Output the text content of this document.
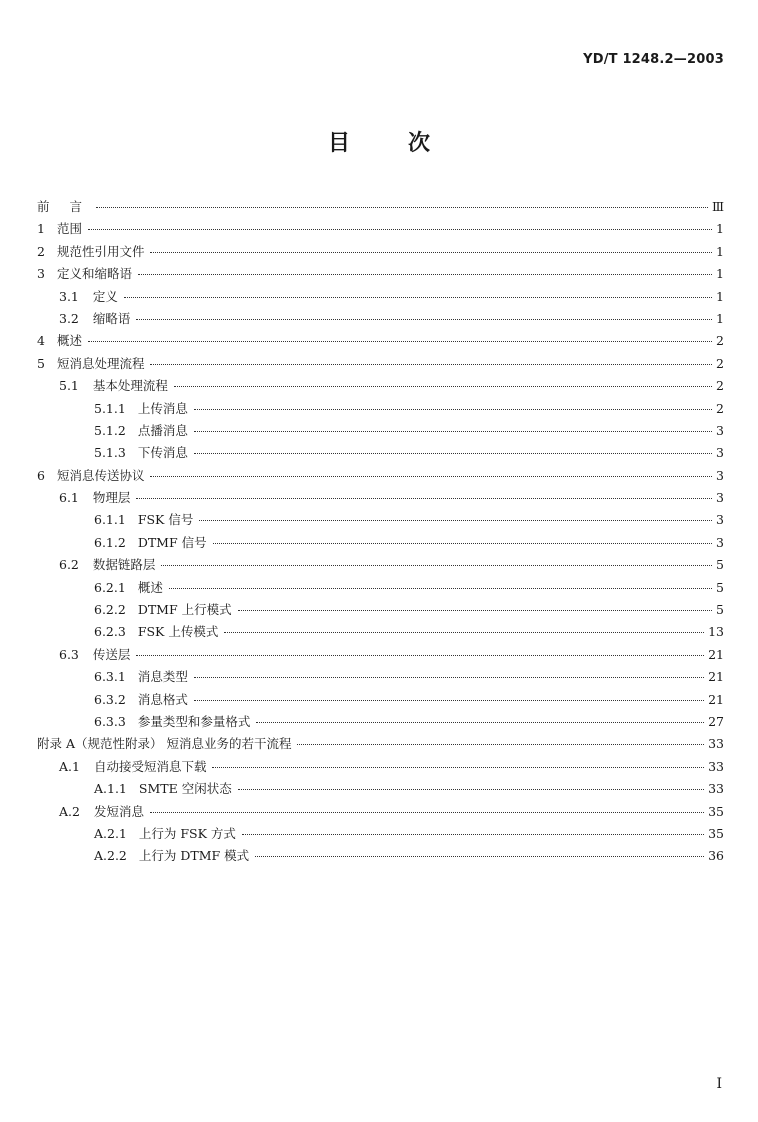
YD/T 1248.2—2003
目	次
前 言	Ⅲ
1 范围	1
2 规范性引用文件	1
3 定义和缩略语	1
3.1 定义	1
3.2 缩略语	1
4 概述	2
5 短消息处理流程	2
5.1 基本处理流程	2
5.1.1 上传消息	2
5.1.2 点播消息	3
5.1.3 下传消息	3
6 短消息传送协议	3
6.1 物理层	3
6.1.1 FSK 信号	3
6.1.2 DTMF 信号	3
6.2 数据链路层	5
6.2.1 概述	5
6.2.2 DTMF 上行模式	5
6.2.3 FSK 上传模式	13
6.3 传送层	21
6.3.1 消息类型	21
6.3.2 消息格式	21
6.3.3 参量类型和参量格式	27
附录 A（规范性附录） 短消息业务的若干流程	33
A.1 自动接受短消息下载	33
A.1.1 SMTE 空闲状态	33
A.2 发短消息	35
A.2.1 上行为 FSK 方式	35
A.2.2 上行为 DTMF 模式	36
I
